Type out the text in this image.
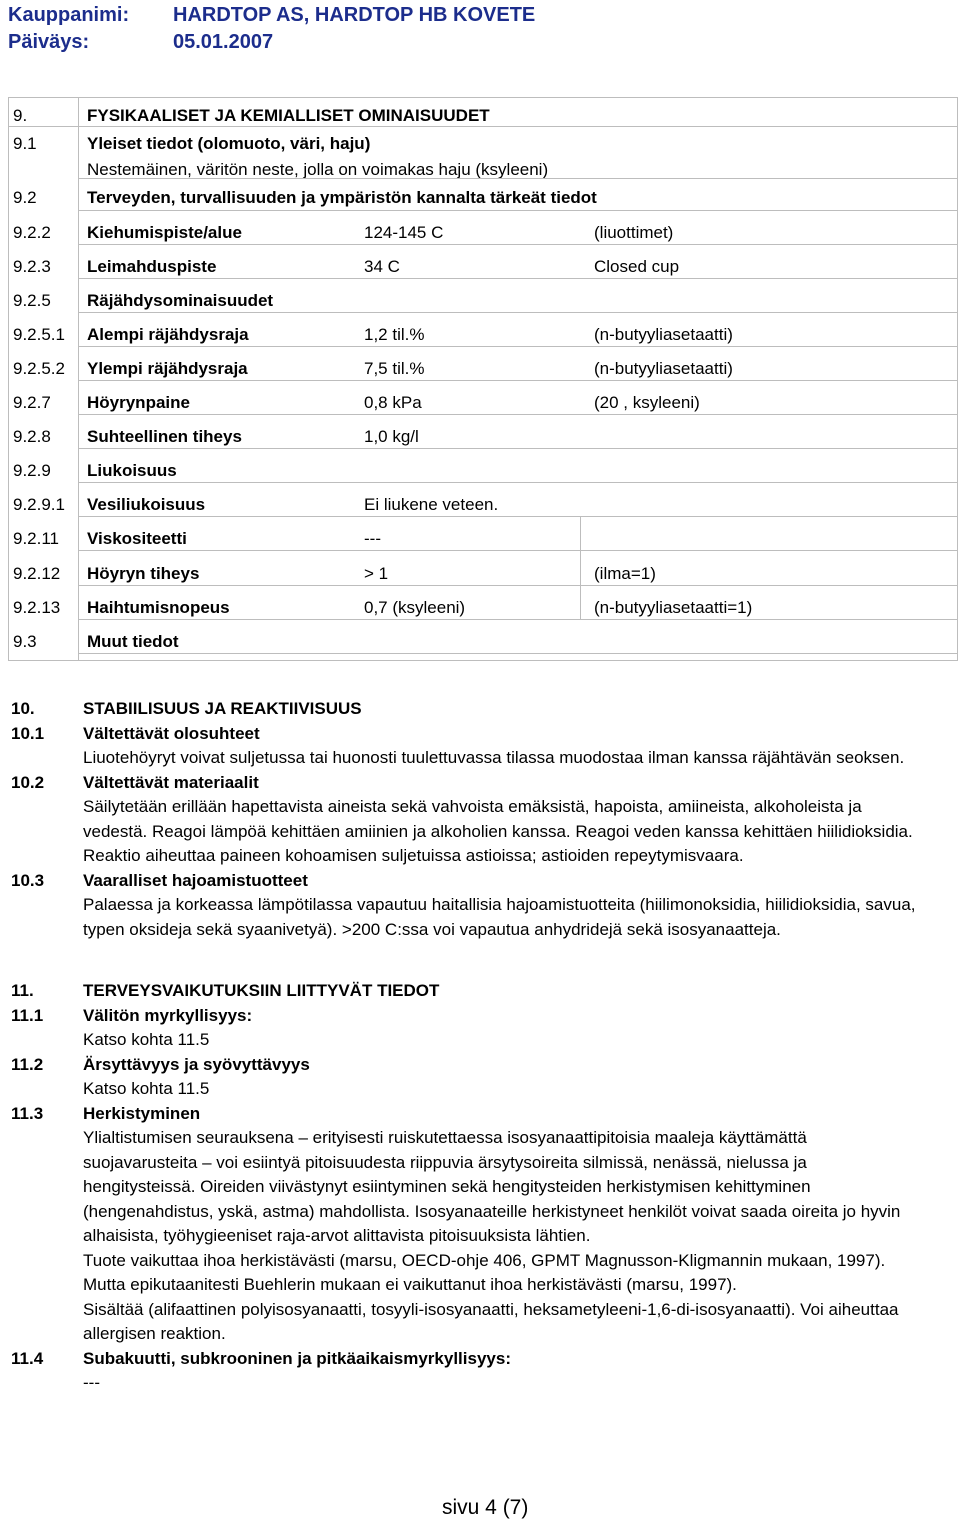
Kauppanimi: HARDTOP AS, HARDTOP HB KOVETE
Päiväys:	05.01.2007
9.	FYSIKAALISET JA KEMIALLISET OMINAISUUDET
9.1	Yleiset tiedot (olomuoto, väri, haju)
Nestemäinen, väritön neste, jolla on voimakas haju (ksyleeni)
9.2	Terveyden, turvallisuuden ja ympäristön kannalta tärkeät tiedot
9.2.2 Kiehumispiste/alue	124-145 C	(liuottimet)
9.2.3 Leimahduspiste	34 C	Closed cup
9.2.5 Räjähdysominaisuudet
9.2.5.1 Alempi räjähdysraja	1,2 til.%	(n-butyyliasetaatti)
9.2.5.2 Ylempi räjähdysraja	7,5 til.%	(n-butyyliasetaatti)
9.2.7 Höyrynpaine	0,8 kPa	(20 , ksyleeni)
9.2.8 Suhteellinen tiheys	1,0 kg/l
9.2.9 Liukoisuus
9.2.9.1 Vesiliukoisuus	Ei liukene veteen.
9.2.11 Viskositeetti	---
9.2.12 Höyryn tiheys	> 1	(ilma=1)
9.2.13 Haihtumisnopeus	0,7 (ksyleeni)	(n-butyyliasetaatti=1)
9.3	Muut tiedot
10.	STABIILISUUS JA REAKTIIVISUUS
10.1 Vältettävät olosuhteet
Liuotehöyryt voivat suljetussa tai huonosti tuulettuvassa tilassa muodostaa ilman kanssa räjähtävän seoksen.
10.2 Vältettävät materiaalit
Säilytetään erillään hapettavista aineista sekä vahvoista emäksistä, hapoista, amiineista, alkoholeista ja
vedestä. Reagoi lämpöä kehittäen amiinien ja alkoholien kanssa. Reagoi veden kanssa kehittäen hiilidioksidia.
Reaktio aiheuttaa paineen kohoamisen suljetuissa astioissa; astioiden repeytymisvaara.
10.3 Vaaralliset hajoamistuotteet
Palaessa ja korkeassa lämpötilassa vapautuu haitallisia hajoamistuotteita (hiilimonoksidia, hiilidioksidia, savua,
typen oksideja sekä syaanivetyä). >200 C:ssa voi vapautua anhydridejä sekä isosyanaatteja.
11.	TERVEYSVAIKUTUKSIIN LIITTYVÄT TIEDOT
11.1 Välitön myrkyllisyys:
Katso kohta 11.5
11.2 Ärsyttävyys ja syövyttävyys
Katso kohta 11.5
11.3 Herkistyminen
Ylialtistumisen seurauksena – erityisesti ruiskutettaessa isosyanaattipitoisia maaleja käyttämättä
suojavarusteita – voi esiintyä pitoisuudesta riippuvia ärsytysoireita silmissä, nenässä, nielussa ja
hengitysteissä. Oireiden viivästynyt esiintyminen sekä hengitysteiden herkistymisen kehittyminen
(hengenahdistus, yskä, astma) mahdollista. Isosyanaateille herkistyneet henkilöt voivat saada oireita jo hyvin
alhaisista, työhygieeniset raja-arvot alittavista pitoisuuksista lähtien.
Tuote vaikuttaa ihoa herkistävästi (marsu, OECD-ohje 406, GPMT Magnusson-Kligmannin mukaan, 1997).
Mutta epikutaanitesti Buehlerin mukaan ei vaikuttanut ihoa herkistävästi (marsu, 1997).
Sisältää (alifaattinen polyisosyanaatti, tosyyli-isosyanaatti, heksametyleeni-1,6-di-isosyanaatti). Voi aiheuttaa
allergisen reaktion.
11.4 Subakuutti, subkrooninen ja pitkäaikaismyrkyllisyys:
---
sivu 4 (7)
